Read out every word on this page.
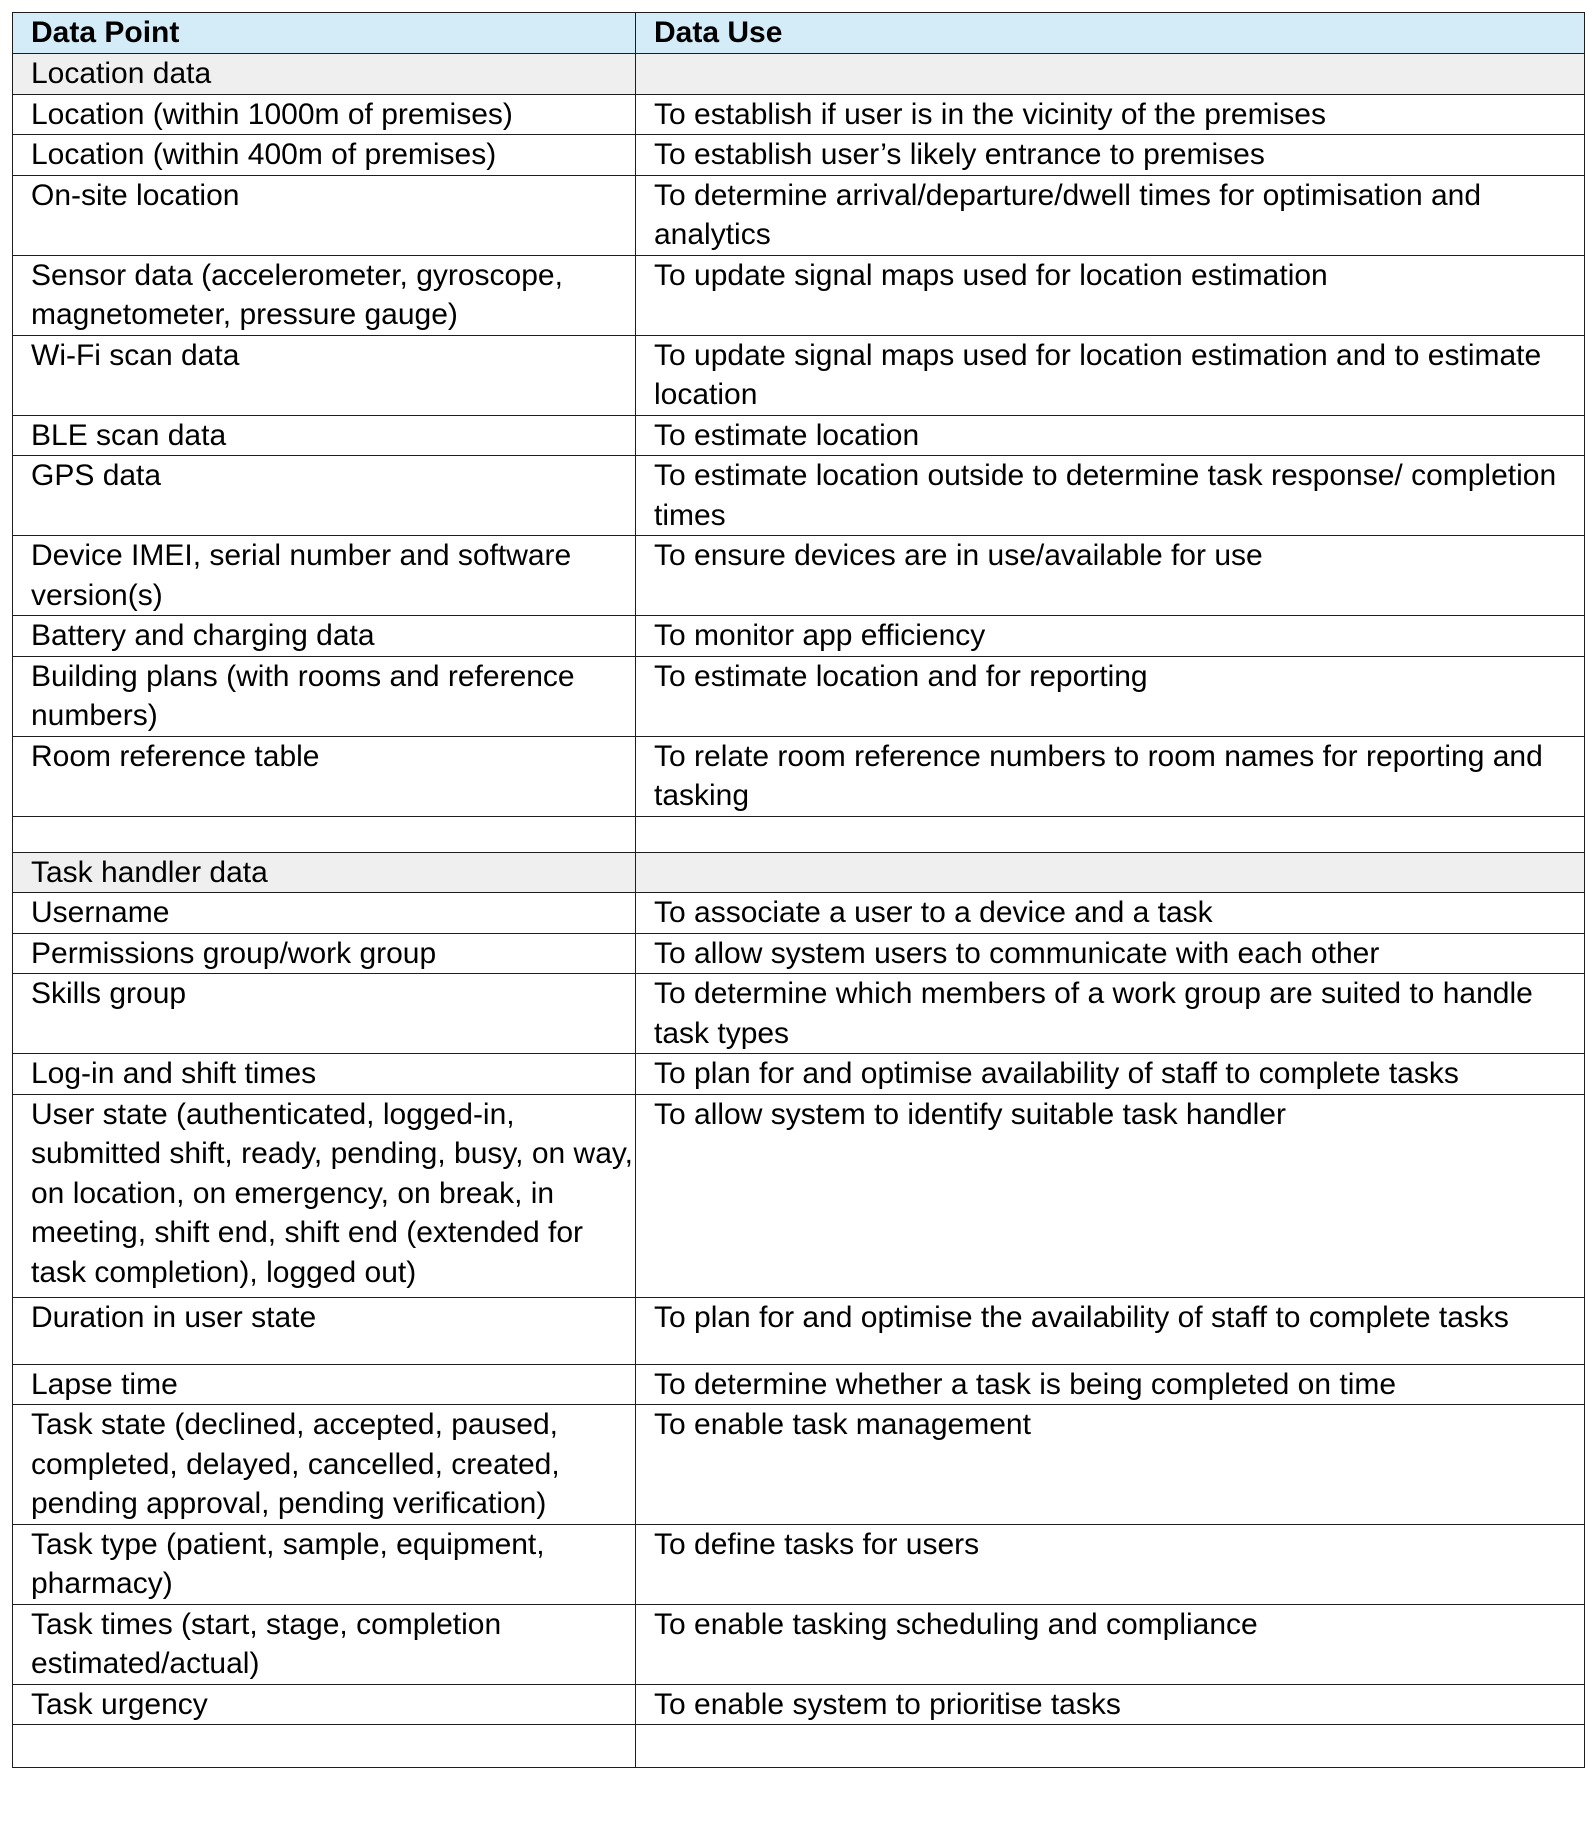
Data Point	Data Use
Location data	
Location (within 1000m of premises)	To establish if user is in the vicinity of the premises
Location (within 400m of premises)	To establish user’s likely entrance to premises
On-site location	To determine arrival/departure/dwell times for optimisation and analytics
Sensor data (accelerometer, gyroscope, magnetometer, pressure gauge)	To update signal maps used for location estimation
Wi-Fi scan data	To update signal maps used for location estimation and to estimate location
BLE scan data	To estimate location
GPS data	To estimate location outside to determine task response/ completion times
Device IMEI, serial number and software version(s)	To ensure devices are in use/available for use
Battery and charging data	To monitor app efficiency
Building plans (with rooms and reference numbers)	To estimate location and for reporting
Room reference table	To relate room reference numbers to room names for reporting and tasking

Task handler data	
Username	To associate a user to a device and a task
Permissions group/work group	To allow system users to communicate with each other
Skills group	To determine which members of a work group are suited to handle task types
Log-in and shift times	To plan for and optimise availability of staff to complete tasks
User state (authenticated, logged-in, submitted shift, ready, pending, busy, on way, on location, on emergency, on break, in meeting, shift end, shift end (extended for task completion), logged out)	To allow system to identify suitable task handler
Duration in user state	To plan for and optimise the availability of staff to complete tasks
Lapse time	To determine whether a task is being completed on time
Task state (declined, accepted, paused, completed, delayed, cancelled, created, pending approval, pending verification)	To enable task management
Task type (patient, sample, equipment, pharmacy)	To define tasks for users
Task times (start, stage, completion estimated/actual)	To enable tasking scheduling and compliance
Task urgency	To enable system to prioritise tasks
